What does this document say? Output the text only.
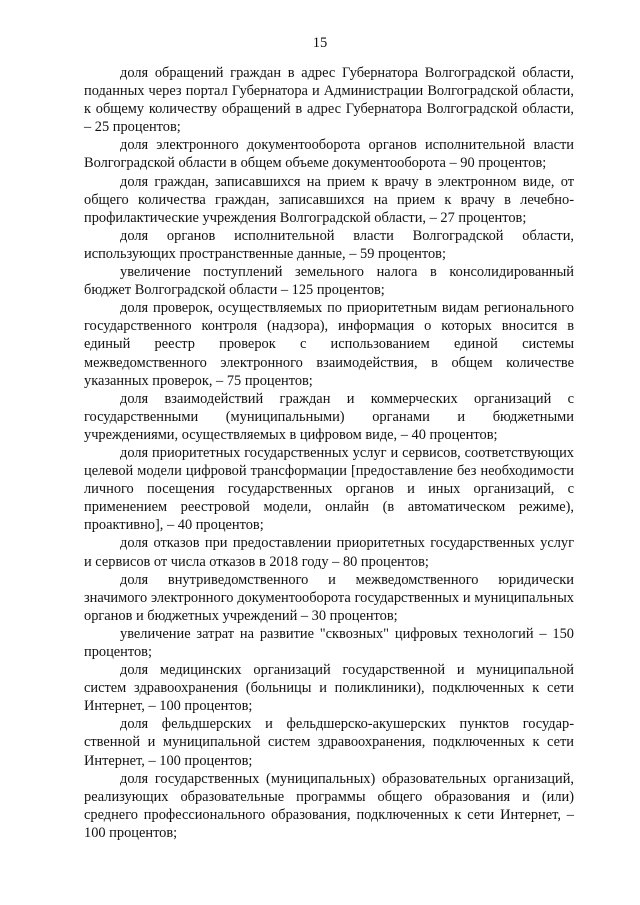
15

доля обращений граждан в адрес Губернатора Волгоградской области, поданных через портал Губернатора и Администрации Волгоградской области, к общему количеству обращений в адрес Губернатора Волгоградской области, – 25 процентов;

доля электронного документооборота органов исполнительной власти Волгоградской области в общем объеме документооборота – 90 процентов;

доля граждан, записавшихся на прием к врачу в электронном виде, от общего количества граждан, записавшихся на прием к врачу в лечебно-профилактические учреждения Волгоградской области, – 27 процентов;

доля органов исполнительной власти Волгоградской области, использующих пространственные данные, – 59 процентов;

увеличение поступлений земельного налога в консолидированный бюджет Волгоградской области – 125 процентов;

доля проверок, осуществляемых по приоритетным видам регионального государственного контроля (надзора), информация о которых вносится в единый реестр проверок с использованием единой системы межведомственного электронного взаимодействия, в общем количестве указанных проверок, – 75 процентов;

доля взаимодействий граждан и коммерческих организаций с государственными (муниципальными) органами и бюджетными учреждениями, осуществляемых в цифровом виде, – 40 процентов;

доля приоритетных государственных услуг и сервисов, соответствующих целевой модели цифровой трансформации [предоставление без необходимости личного посещения государственных органов и иных организаций, с применением реестровой модели, онлайн (в автоматическом режиме), проактивно], – 40 процентов;

доля отказов при предоставлении приоритетных государственных услуг и сервисов от числа отказов в 2018 году – 80 процентов;

доля внутриведомственного и межведомственного юридически значимого электронного документооборота государственных и муниципальных органов и бюджетных учреждений – 30 процентов;

увеличение затрат на развитие "сквозных" цифровых технологий – 150 процентов;

доля медицинских организаций государственной и муниципальной систем здравоохранения (больницы и поликлиники), подключенных к сети Интернет, – 100 процентов;

доля фельдшерских и фельдшерско-акушерских пунктов государственной и муниципальной систем здравоохранения, подключенных к сети Интернет, – 100 процентов;

доля государственных (муниципальных) образовательных организаций, реализующих образовательные программы общего образования и (или) среднего профессионального образования, подключенных к сети Интернет, – 100 процентов;
